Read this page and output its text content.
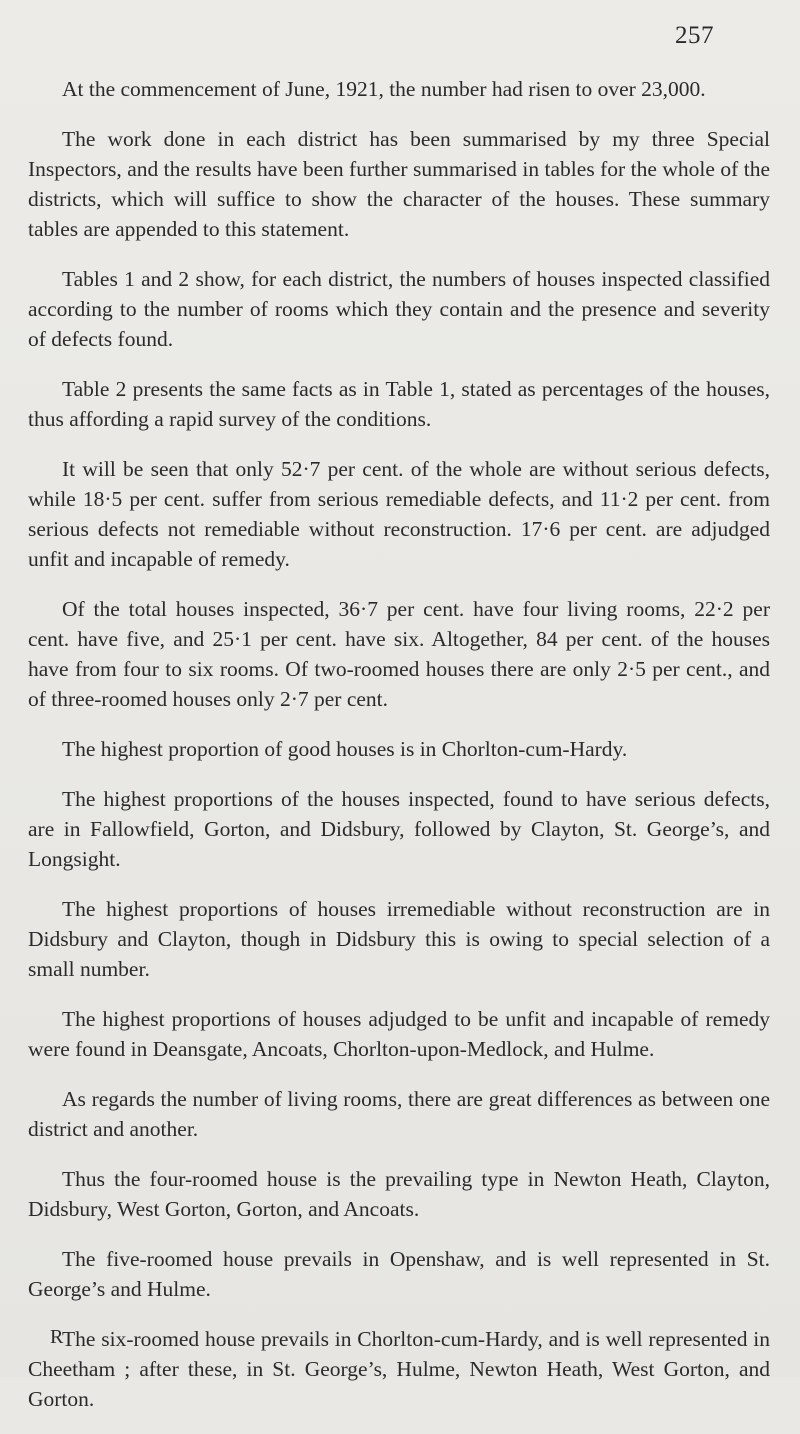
257

At the commencement of June, 1921, the number had risen to over 23,000.

The work done in each district has been summarised by my three Special Inspectors, and the results have been further summarised in tables for the whole of the districts, which will suffice to show the character of the houses. These summary tables are appended to this statement.

Tables 1 and 2 show, for each district, the numbers of houses inspected classified according to the number of rooms which they contain and the presence and severity of defects found.

Table 2 presents the same facts as in Table 1, stated as percentages of the houses, thus affording a rapid survey of the conditions.

It will be seen that only 52·7 per cent. of the whole are without serious defects, while 18·5 per cent. suffer from serious remediable defects, and 11·2 per cent. from serious defects not remediable without reconstruction. 17·6 per cent. are adjudged unfit and incapable of remedy.

Of the total houses inspected, 36·7 per cent. have four living rooms, 22·2 per cent. have five, and 25·1 per cent. have six. Altogether, 84 per cent. of the houses have from four to six rooms. Of two-roomed houses there are only 2·5 per cent., and of three-roomed houses only 2·7 per cent.

The highest proportion of good houses is in Chorlton-cum-Hardy.

The highest proportions of the houses inspected, found to have serious defects, are in Fallowfield, Gorton, and Didsbury, followed by Clayton, St. George’s, and Longsight.

The highest proportions of houses irremediable without reconstruction are in Didsbury and Clayton, though in Didsbury this is owing to special selection of a small number.

The highest proportions of houses adjudged to be unfit and incapable of remedy were found in Deansgate, Ancoats, Chorlton-upon-Medlock, and Hulme.

As regards the number of living rooms, there are great differences as between one district and another.

Thus the four-roomed house is the prevailing type in Newton Heath, Clayton, Didsbury, West Gorton, Gorton, and Ancoats.

The five-roomed house prevails in Openshaw, and is well represented in St. George’s and Hulme.

The six-roomed house prevails in Chorlton-cum-Hardy, and is well represented in Cheetham ; after these, in St. George’s, Hulme, Newton Heath, West Gorton, and Gorton.

R
